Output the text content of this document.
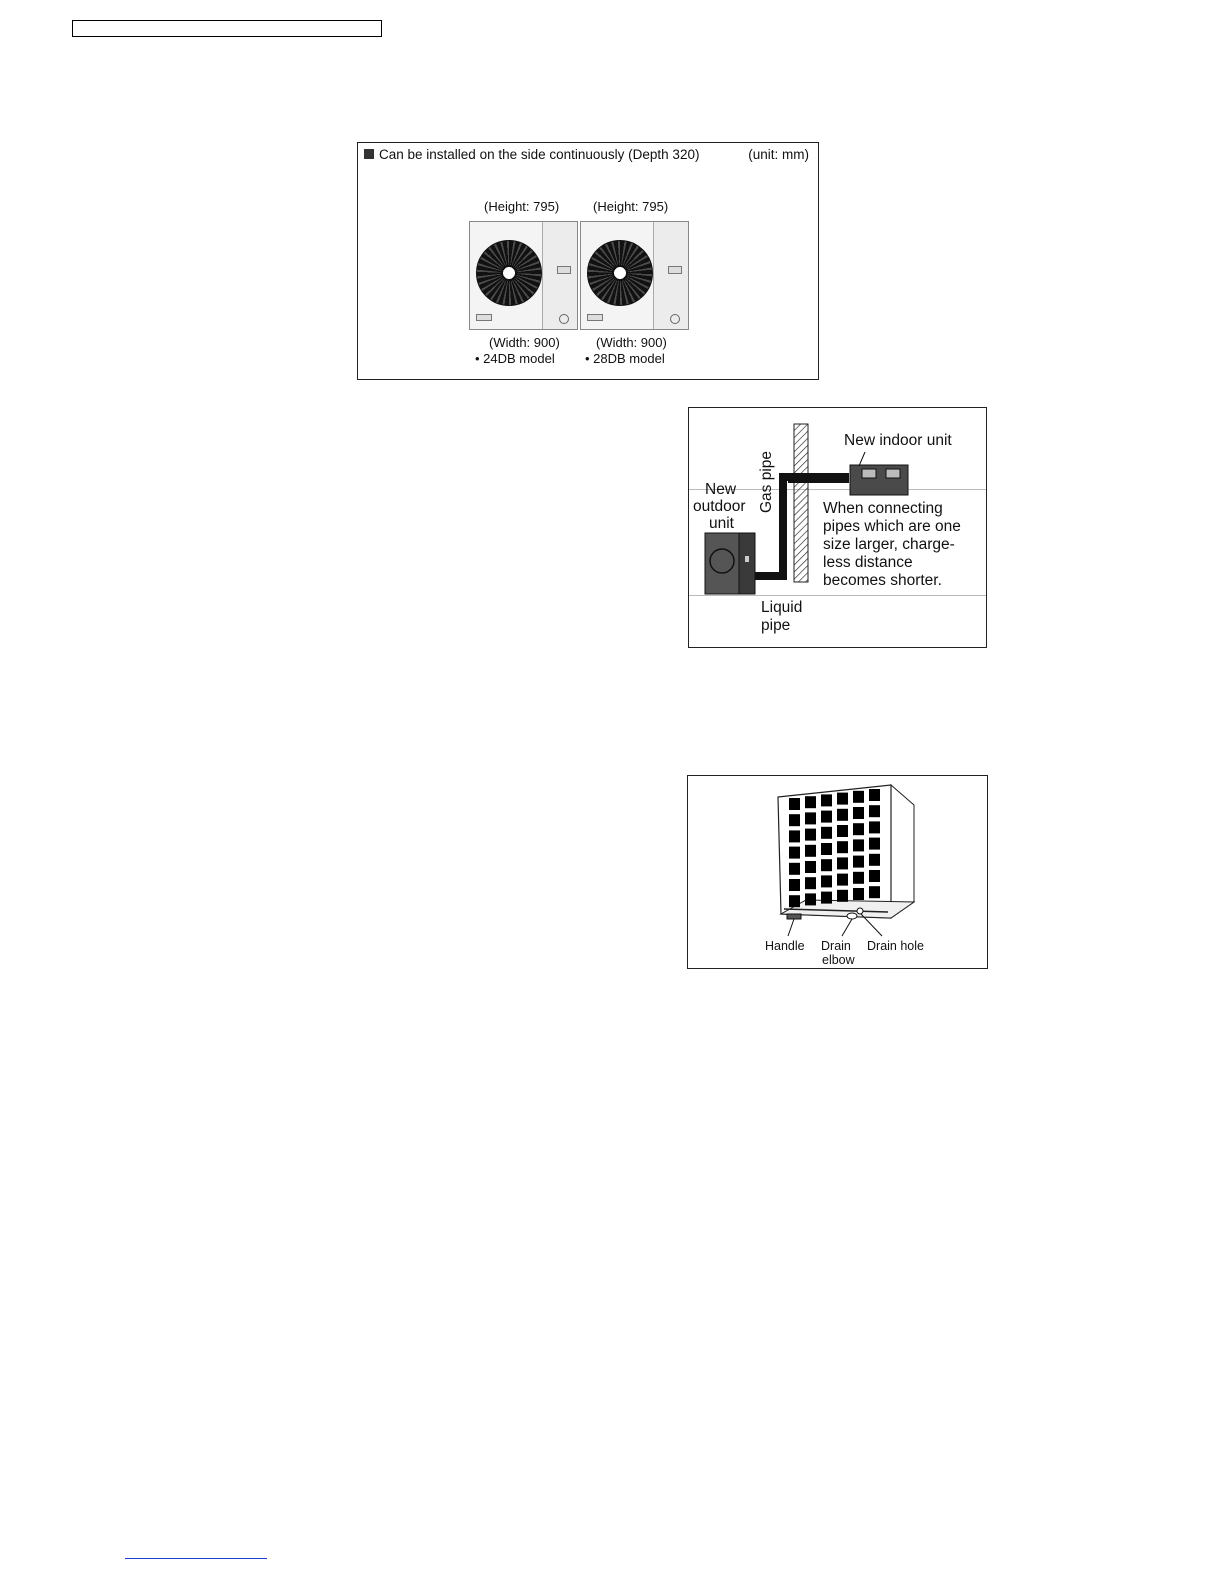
Can be installed on the side continuously (Depth 320)	(unit: mm)
(Height: 795)	(Height: 795)
(Width: 900)	(Width: 900)
• 24DB model • 28DB model
New indoor unit
Gas pipe
New
outdoor
unit
When connecting
pipes which are one
size larger, charge-
less distance
becomes shorter.
Liquid
pipe
Handle Drain
elbow
Drain hole
